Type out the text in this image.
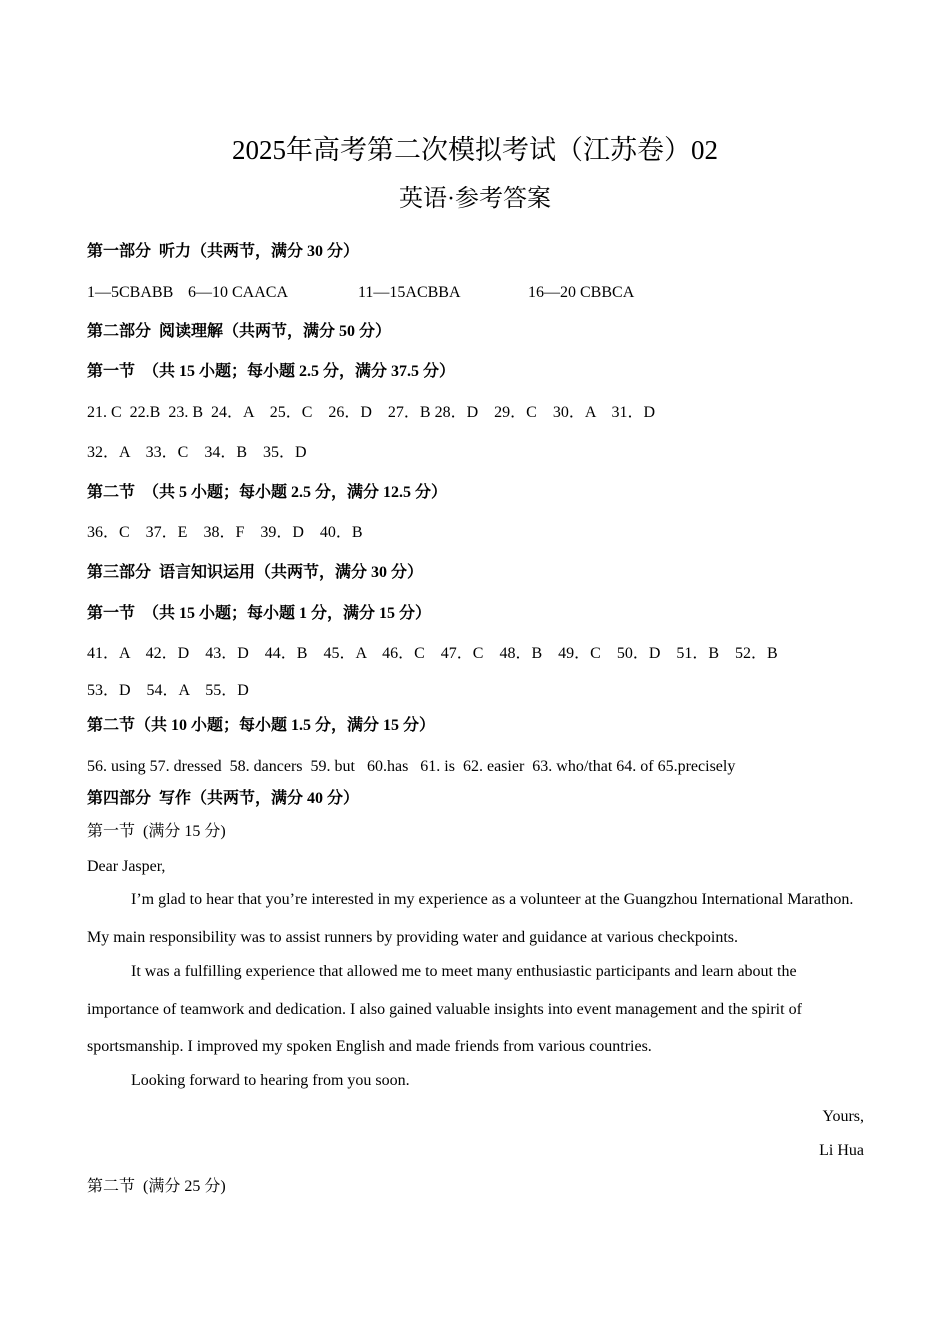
2025年高考第二次模拟考试（江苏卷）02
英语·参考答案
第一部分  听力（共两节，满分 30 分）

1—5CBABB

6—10 CAACA

	11—15ACBBA

	16—20 CBBCA

第二部分  阅读理解（共两节，满分 50 分）
第一节  （共 15 小题；每小题 2.5 分，满分 37.5 分）
21. C  22.B  23. B  24．A    25．C    26．D    27．B 28．D    29．C    30．A    31．D
32．A    33．C    34．B    35．D
第二节  （共 5 小题；每小题 2.5 分，满分 12.5 分）
36．C    37．E    38．F    39．D    40．B
第三部分  语言知识运用（共两节，满分 30 分）
第一节  （共 15 小题；每小题 1 分，满分 15 分）
41．A    42．D    43．D    44．B    45．A    46．C    47．C    48．B    49．C    50．D    51．B    52．B
53．D    54．A    55．D
第二节（共 10 小题；每小题 1.5 分，满分 15 分）
56. using 57. dressed  58. dancers  59. but   60.has   61. is  62. easier  63. who/that 64. of 65.precisely
第四部分  写作（共两节，满分 40 分）
第一节  (满分 15 分)
Dear Jasper,
I’m glad to hear that you’re interested in my experience as a volunteer at the Guangzhou International Marathon. My main responsibility was to assist runners by providing water and guidance at various checkpoints.
It was a fulfilling experience that allowed me to meet many enthusiastic participants and learn about the importance of teamwork and dedication. I also gained valuable insights into event management and the spirit of sportsmanship. I improved my spoken English and made friends from various countries.
Looking forward to hearing from you soon.
Yours,
Li Hua
第二节  (满分 25 分)
